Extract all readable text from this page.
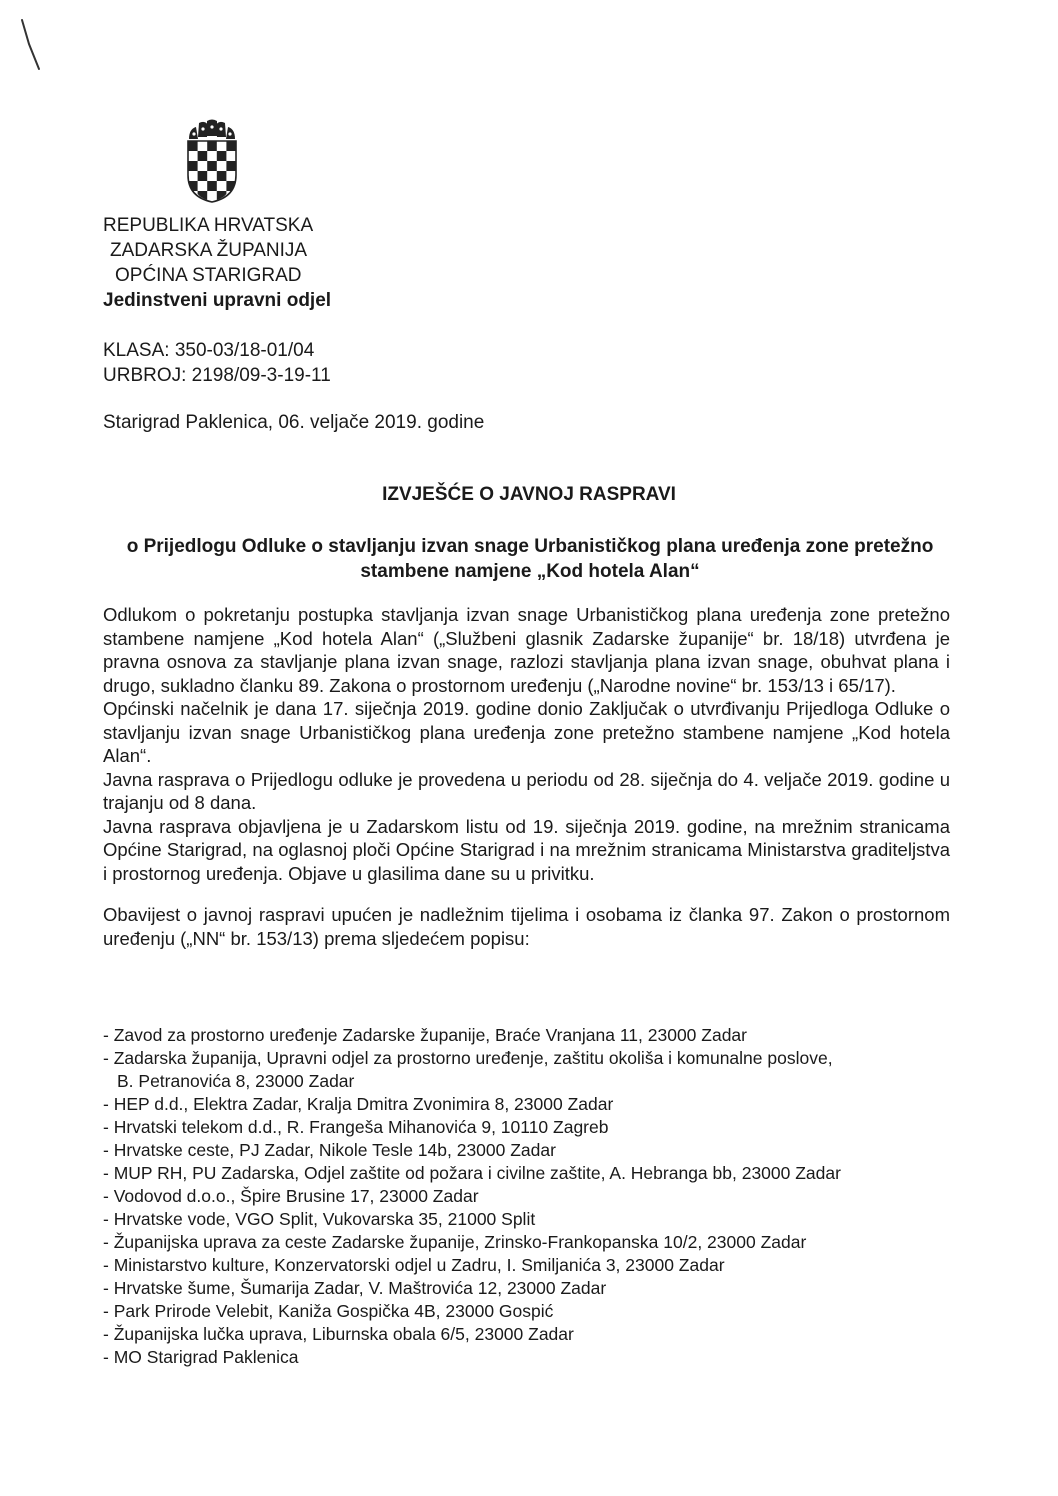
REPUBLIKA HRVATSKA
ZADARSKA ŽUPANIJA
OPĆINA STARIGRAD
Jedinstveni upravni odjel
KLASA: 350-03/18-01/04
URBROJ: 2198/09-3-19-11
Starigrad Paklenica, 06. veljače 2019. godine
IZVJEŠĆE O JAVNOJ RASPRAVI
o Prijedlogu Odluke o stavljanju izvan snage Urbanističkog plana uređenja zone pretežno stambene namjene „Kod hotela Alan“

Odlukom o pokretanju postupka stavljanja izvan snage Urbanističkog plana uređenja zone pretežno stambene namjene „Kod hotela Alan“ („Službeni glasnik Zadarske županije“ br. 18/18) utvrđena je pravna osnova za stavljanje plana izvan snage, razlozi stavljanja plana izvan snage, obuhvat plana i drugo, sukladno članku 89. Zakona o prostornom uređenju („Narodne novine“ br. 153/13 i 65/17).

Općinski načelnik je dana 17. siječnja 2019. godine donio Zaključak o utvrđivanju Prijedloga Odluke o stavljanju izvan snage Urbanističkog plana uređenja zone pretežno stambene namjene „Kod hotela Alan“.

Javna rasprava o Prijedlogu odluke je provedena u periodu od 28. siječnja do 4. veljače 2019. godine u trajanju od 8 dana.

Javna rasprava objavljena je u Zadarskom listu od 19. siječnja 2019. godine, na mrežnim stranicama Općine Starigrad, na oglasnoj ploči Općine Starigrad i na mrežnim stranicama Ministarstva graditeljstva i prostornog uređenja. Objave u glasilima dane su u privitku.

Obavijest o javnoj raspravi upućen je nadležnim tijelima i osobama iz članka 97. Zakon o prostornom uređenju („NN“ br. 153/13) prema sljedećem popisu:

- Zavod za prostorno uređenje Zadarske županije, Braće Vranjana 11, 23000 Zadar
- Zadarska županija, Upravni odjel za prostorno uređenje, zaštitu okoliša i komunalne poslove,
B. Petranovića 8, 23000 Zadar
- HEP d.d., Elektra Zadar, Kralja Dmitra Zvonimira 8, 23000 Zadar
- Hrvatski telekom d.d., R. Frangeša Mihanovića 9, 10110 Zagreb
- Hrvatske ceste, PJ Zadar, Nikole Tesle 14b, 23000 Zadar
- MUP RH, PU Zadarska, Odjel zaštite od požara i civilne zaštite, A. Hebranga bb, 23000 Zadar
- Vodovod d.o.o., Špire Brusine 17, 23000 Zadar
- Hrvatske vode, VGO Split, Vukovarska 35, 21000 Split
- Županijska uprava za ceste Zadarske županije, Zrinsko-Frankopanska 10/2, 23000 Zadar
- Ministarstvo kulture, Konzervatorski odjel u Zadru, I. Smiljanića 3, 23000 Zadar
- Hrvatske šume, Šumarija Zadar, V. Maštrovića 12, 23000 Zadar
- Park Prirode Velebit, Kaniža Gospička 4B, 23000 Gospić
- Županijska lučka uprava, Liburnska obala 6/5, 23000 Zadar
- MO Starigrad Paklenica
